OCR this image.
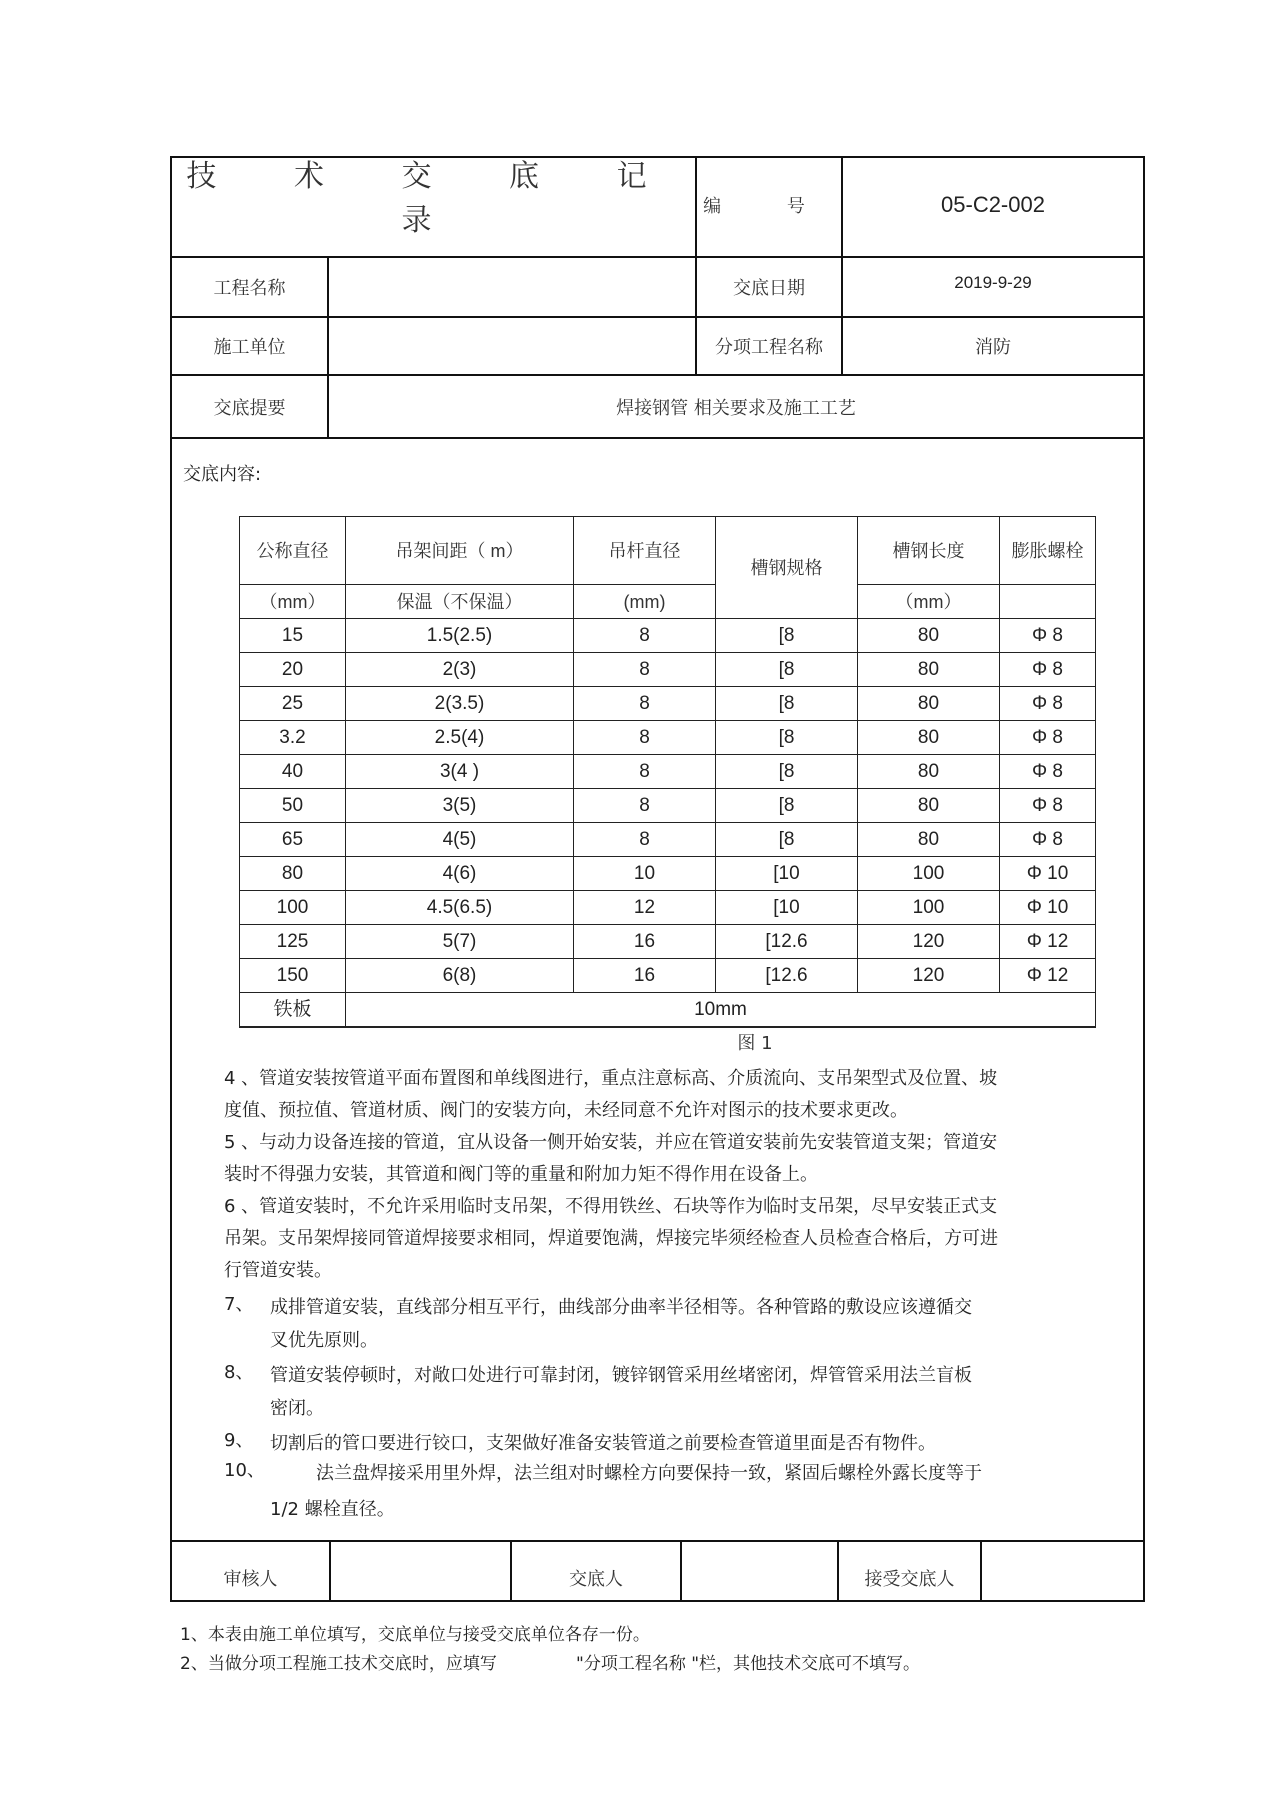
技 术 交 底 记 录	编 号	05-C2-002
工程名称	交底日期	2019-9-29
施工单位	分项工程名称	消防
交底提要	焊接钢管 相关要求及施工工艺
交底内容:
公称直径	吊架间距（ m）	吊杆直径	槽钢规格	槽钢长度	膨胀螺栓
（mm）	保温（不保温）	(mm)		（mm）	
15	1.5(2.5)	8	[8	80	Φ 8
20	2(3)	8	[8	80	Φ 8
25	2(3.5)	8	[8	80	Φ 8
3.2	2.5(4)	8	[8	80	Φ 8
40	3(4 )	8	[8	80	Φ 8
50	3(5)	8	[8	80	Φ 8
65	4(5)	8	[8	80	Φ 8
80	4(6)	10	[10	100	Φ 10
100	4.5(6.5)	12	[10	100	Φ 10
125	5(7)	16	[12.6	120	Φ 12
150	6(8)	16	[12.6	120	Φ 12
铁板	10mm				
图 1
4 、管道安装按管道平面布置图和单线图进行，重点注意标高、介质流向、支吊架型式及位置、坡
度值、预拉值、管道材质、阀门的安装方向，未经同意不允许对图示的技术要求更改。
5 、与动力设备连接的管道，宜从设备一侧开始安装，并应在管道安装前先安装管道支架；管道安
装时不得强力安装，其管道和阀门等的重量和附加力矩不得作用在设备上。
6 、管道安装时，不允许采用临时支吊架，不得用铁丝、石块等作为临时支吊架，尽早安装正式支
吊架。支吊架焊接同管道焊接要求相同，焊道要饱满，焊接完毕须经检查人员检查合格后，方可进
行管道安装。
7、 成排管道安装，直线部分相互平行，曲线部分曲率半径相等。各种管路的敷设应该遵循交
叉优先原则。
8、 管道安装停顿时，对敞口处进行可靠封闭，镀锌钢管采用丝堵密闭，焊管管采用法兰盲板
密闭。
9、 切割后的管口要进行铰口，支架做好准备安装管道之前要检查管道里面是否有物件。
10、	法兰盘焊接采用里外焊，法兰组对时螺栓方向要保持一致，紧固后螺栓外露长度等于
1/2 螺栓直径。
审核人	交底人	接受交底人
1、本表由施工单位填写，交底单位与接受交底单位各存一份。
2、当做分项工程施工技术交底时，应填写	"分项工程名称 "栏，其他技术交底可不填写。
